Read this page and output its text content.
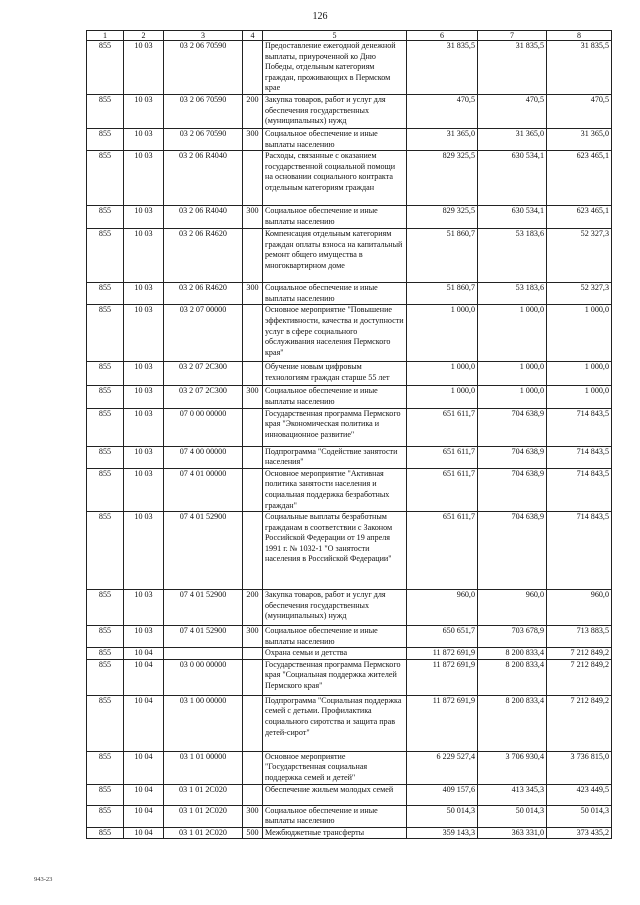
126
1	2	3	4	5	6	7	8
855	10 03	03 2 06 70590		Предоставление ежегодной денежной выплаты, приуроченной ко Дню Победы, отдельным категориям граждан, проживающих в Пермском крае	31 835,5	31 835,5	31 835,5
855	10 03	03 2 06 70590	200	Закупка товаров, работ и услуг для обеспечения государственных (муниципальных) нужд	470,5	470,5	470,5
855	10 03	03 2 06 70590	300	Социальное обеспечение и иные выплаты населению	31 365,0	31 365,0	31 365,0
855	10 03	03 2 06 R4040		Расходы, связанные с оказанием государственной социальной помощи на основании социального контракта отдельным категориям граждан	829 325,5	630 534,1	623 465,1
855	10 03	03 2 06 R4040	300	Социальное обеспечение и иные выплаты населению	829 325,5	630 534,1	623 465,1
855	10 03	03 2 06 R4620		Компенсация отдельным категориям граждан оплаты взноса на капитальный ремонт общего имущества в многоквартирном доме	51 860,7	53 183,6	52 327,3
855	10 03	03 2 06 R4620	300	Социальное обеспечение и иные выплаты населению	51 860,7	53 183,6	52 327,3
855	10 03	03 2 07 00000		Основное мероприятие "Повышение эффективности, качества и доступности услуг в сфере социального обслуживания населения Пермского края"	1 000,0	1 000,0	1 000,0
855	10 03	03 2 07 2C300		Обучение новым цифровым технологиям граждан старше 55 лет	1 000,0	1 000,0	1 000,0
855	10 03	03 2 07 2C300	300	Социальное обеспечение и иные выплаты населению	1 000,0	1 000,0	1 000,0
855	10 03	07 0 00 00000		Государственная программа Пермского края "Экономическая политика и инновационное развитие"	651 611,7	704 638,9	714 843,5
855	10 03	07 4 00 00000		Подпрограмма "Содействие занятости населения"	651 611,7	704 638,9	714 843,5
855	10 03	07 4 01 00000		Основное мероприятие "Активная политика занятости населения и социальная поддержка безработных граждан"	651 611,7	704 638,9	714 843,5
855	10 03	07 4 01 52900		Социальные выплаты безработным гражданам в соответствии с Законом Российской Федерации от 19 апреля 1991 г. № 1032-1 "О занятости населения в Российской Федерации"	651 611,7	704 638,9	714 843,5
855	10 03	07 4 01 52900	200	Закупка товаров, работ и услуг для обеспечения государственных (муниципальных) нужд	960,0	960,0	960,0
855	10 03	07 4 01 52900	300	Социальное обеспечение и иные выплаты населению	650 651,7	703 678,9	713 883,5
855	10 04			Охрана семьи и детства	11 872 691,9	8 200 833,4	7 212 849,2
855	10 04	03 0 00 00000		Государственная программа Пермского края "Социальная поддержка жителей Пермского края"	11 872 691,9	8 200 833,4	7 212 849,2
855	10 04	03 1 00 00000		Подпрограмма "Социальная поддержка семей с детьми. Профилактика социального сиротства и защита прав детей-сирот"	11 872 691,9	8 200 833,4	7 212 849,2
855	10 04	03 1 01 00000		Основное мероприятие "Государственная социальная поддержка семей и детей"	6 229 527,4	3 706 930,4	3 736 815,0
855	10 04	03 1 01 2C020		Обеспечение жильем молодых семей	409 157,6	413 345,3	423 449,5
855	10 04	03 1 01 2C020	300	Социальное обеспечение и иные выплаты населению	50 014,3	50 014,3	50 014,3
855	10 04	03 1 01 2C020	500	Межбюджетные трансферты	359 143,3	363 331,0	373 435,2
943-23
